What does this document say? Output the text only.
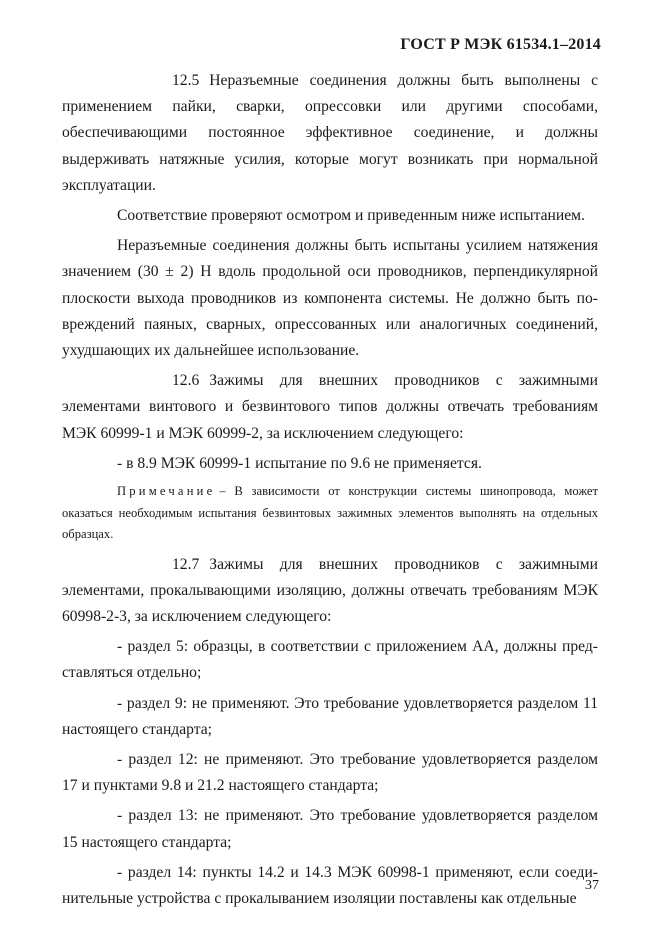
ГОСТ Р МЭК 61534.1–2014

12.5 Неразъемные соединения должны быть выполнены с применением пайки, сварки, опрессовки или другими способами, обеспечивающими постоянное эффективное соединение, и должны выдерживать натяжные усилия, которые могут возникать при нормальной эксплуатации.

Соответствие проверяют осмотром и приведенным ниже испытанием.

Неразъемные соединения должны быть испытаны усилием натяжения значением (30 ± 2) Н вдоль продольной оси проводников, перпендикулярной плоскости выхода проводников из компонента системы. Не должно быть повреждений паяных, сварных, опрессованных или аналогичных соединений, ухудшающих их дальнейшее использование.

12.6 Зажимы для внешних проводников с зажимными элементами винтового и безвинтового типов должны отвечать требованиям МЭК 60999-1 и МЭК 60999-2, за исключением следующего:

- в 8.9 МЭК 60999-1 испытание по 9.6 не применяется.

Примечание – В зависимости от конструкции системы шинопровода, может оказаться необходимым испытания безвинтовых зажимных элементов выполнять на отдельных образцах.

12.7 Зажимы для внешних проводников с зажимными элементами, прокалывающими изоляцию, должны отвечать требованиям МЭК 60998-2-3, за исключением следующего:

- раздел 5: образцы, в соответствии с приложением АА, должны представляться отдельно;

- раздел 9: не применяют. Это требование удовлетворяется разделом 11 настоящего стандарта;

- раздел 12: не применяют. Это требование удовлетворяется разделом 17 и пунктами 9.8 и 21.2 настоящего стандарта;

- раздел 13: не применяют. Это требование удовлетворяется разделом 15 настоящего стандарта;

- раздел 14: пункты 14.2 и 14.3 МЭК 60998-1 применяют, если соединительные устройства с прокалыванием изоляции поставлены как отдельные

37
